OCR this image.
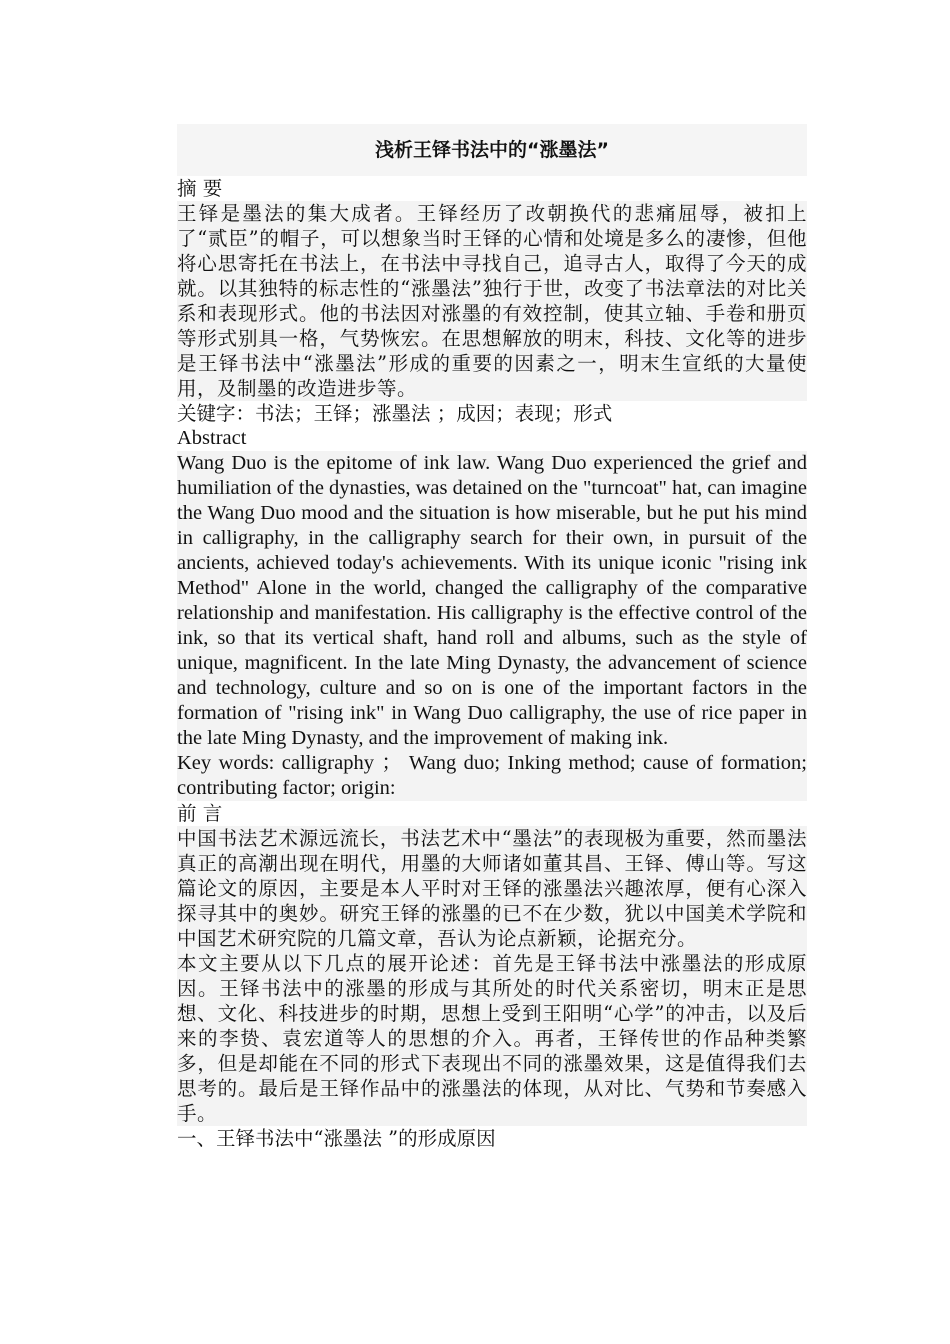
浅析王铎书法中的“涨墨法”
摘 要
王铎是墨法的集大成者。王铎经历了改朝换代的悲痛屈辱，被扣上了“贰臣”的帽子，可以想象当时王铎的心情和处境是多么的凄惨，但他将心思寄托在书法上，在书法中寻找自己，追寻古人，取得了今天的成就。以其独特的标志性的“涨墨法”独行于世，改变了书法章法的对比关系和表现形式。他的书法因对涨墨的有效控制，使其立轴、手卷和册页等形式别具一格，气势恢宏。在思想解放的明末，科技、文化等的进步是王铎书法中“涨墨法”形成的重要的因素之一，明末生宣纸的大量使用，及制墨的改造进步等。
关键字：书法；王铎；涨墨法 ；成因；表现；形式
Abstract
Wang Duo is the epitome of ink law. Wang Duo experienced the grief and humiliation of the dynasties, was detained on the "turncoat" hat, can imagine the Wang Duo mood and the situation is how miserable, but he put his mind in calligraphy, in the calligraphy search for their own, in pursuit of the ancients, achieved today's achievements. With its unique iconic "rising ink Method" Alone in the world, changed the calligraphy of the comparative relationship and manifestation. His calligraphy is the effective control of the ink, so that its vertical shaft, hand roll and albums, such as the style of unique, magnificent. In the late Ming Dynasty, the advancement of science and technology, culture and so on is one of the important factors in the formation of "rising ink" in Wang Duo calligraphy, the use of rice paper in the late Ming Dynasty, and the improvement of making ink.
Key words: calligraphy ； Wang duo; Inking method; cause of formation; contributing factor; origin:
前 言
中国书法艺术源远流长，书法艺术中“墨法”的表现极为重要，然而墨法真正的高潮出现在明代，用墨的大师诸如董其昌、王铎、傅山等。写这篇论文的原因，主要是本人平时对王铎的涨墨法兴趣浓厚，便有心深入探寻其中的奥妙。研究王铎的涨墨的已不在少数，犹以中国美术学院和中国艺术研究院的几篇文章，吾认为论点新颖，论据充分。
本文主要从以下几点的展开论述：首先是王铎书法中涨墨法的形成原因。王铎书法中的涨墨的形成与其所处的时代关系密切，明末正是思想、文化、科技进步的时期，思想上受到王阳明“心学”的冲击，以及后来的李贽、袁宏道等人的思想的介入。再者，王铎传世的作品种类繁多，但是却能在不同的形式下表现出不同的涨墨效果，这是值得我们去思考的。最后是王铎作品中的涨墨法的体现，从对比、气势和节奏感入手。
一、王铎书法中“涨墨法 ”的形成原因
